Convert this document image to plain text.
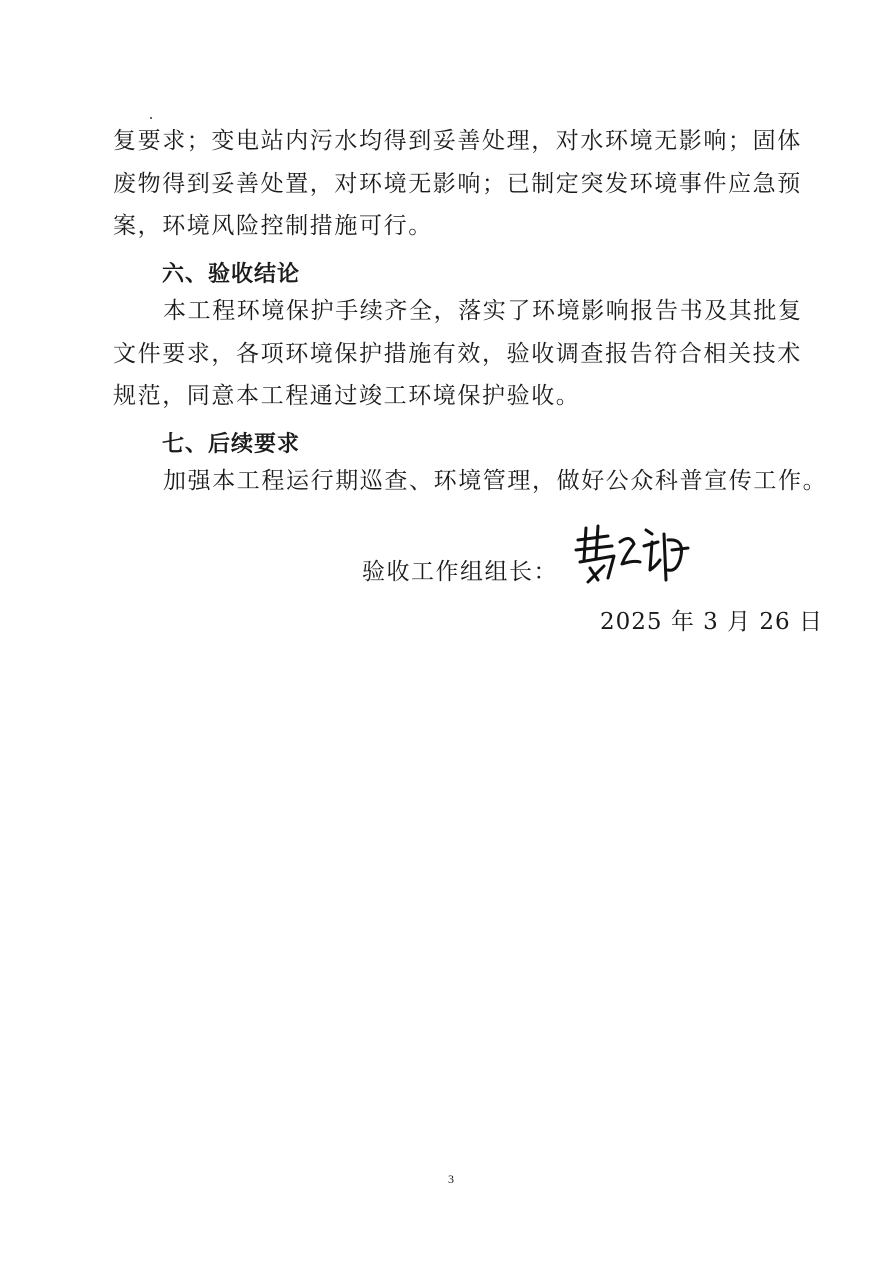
复要求；变电站内污水均得到妥善处理，对水环境无影响；固体
废物得到妥善处置，对环境无影响；已制定突发环境事件应急预
案，环境风险控制措施可行。
六、验收结论
本工程环境保护手续齐全，落实了环境影响报告书及其批复
文件要求，各项环境保护措施有效，验收调查报告符合相关技术
规范，同意本工程通过竣工环境保护验收。
七、后续要求
加强本工程运行期巡查、环境管理，做好公众科普宣传工作。
验收工作组组长：
2025 年 3 月 26 日
3
